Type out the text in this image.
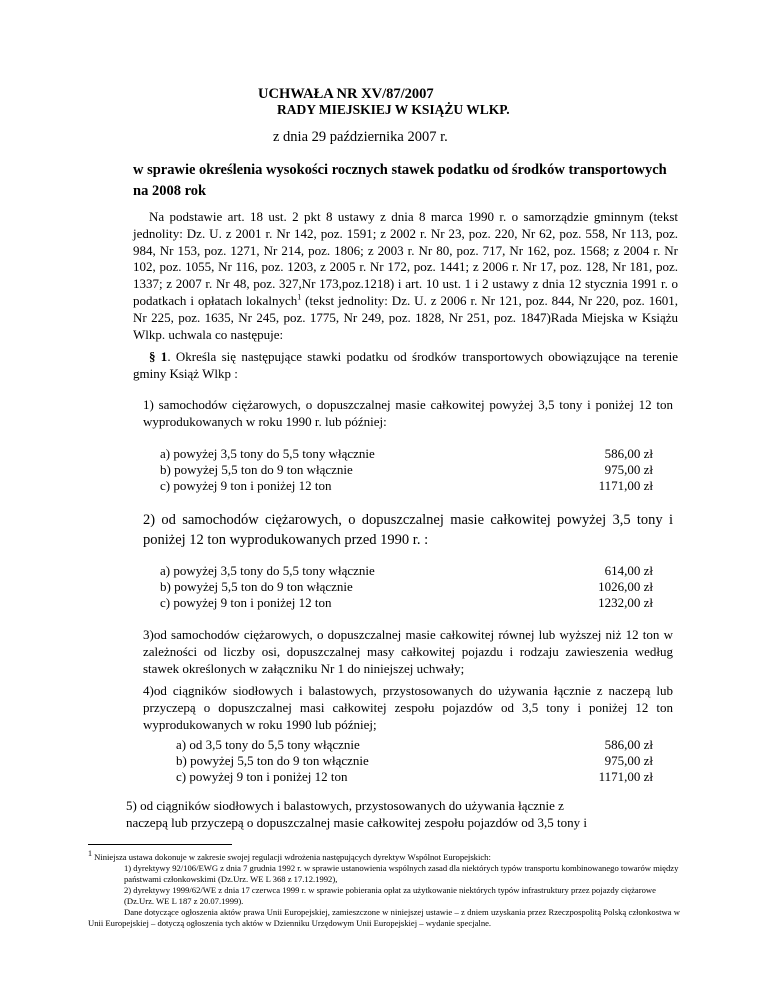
UCHWAŁA NR XV/87/2007
RADY MIEJSKIEJ W KSIĄŻU WLKP.
z dnia 29 października 2007 r.
w sprawie określenia wysokości rocznych stawek podatku od środków transportowych na 2008 rok
Na podstawie art. 18 ust. 2 pkt 8 ustawy z dnia 8 marca 1990 r. o samorządzie gminnym (tekst jednolity: Dz. U. z 2001 r. Nr 142, poz. 1591; z 2002 r. Nr 23, poz. 220, Nr 62, poz. 558, Nr 113, poz. 984, Nr 153, poz. 1271, Nr 214, poz. 1806; z 2003 r. Nr 80, poz. 717, Nr 162, poz. 1568; z 2004 r. Nr 102, poz. 1055, Nr 116, poz. 1203, z 2005 r. Nr 172, poz. 1441; z 2006 r. Nr 17, poz. 128, Nr 181, poz. 1337; z 2007 r. Nr 48, poz. 327,Nr 173,poz.1218) i art. 10 ust. 1 i 2 ustawy z dnia 12 stycznia 1991 r. o podatkach i opłatach lokalnych$^1$ (tekst jednolity: Dz. U. z 2006 r. Nr 121, poz. 844, Nr 220, poz. 1601, Nr 225, poz. 1635, Nr 245, poz. 1775, Nr 249, poz. 1828, Nr 251, poz. 1847)Rada Miejska w Książu Wlkp. uchwala co następuje:
§ 1. Określa się następujące stawki podatku od środków transportowych obowiązujące na terenie gminy Książ Wlkp :
1) samochodów ciężarowych, o dopuszczalnej masie całkowitej powyżej 3,5 tony i poniżej 12 ton wyprodukowanych w roku 1990 r. lub później:
a) powyżej 3,5 tony do 5,5 tony włącznie	586,00 zł
b) powyżej 5,5 ton do 9 ton włącznie	975,00 zł
c) powyżej 9 ton i poniżej 12 ton	1171,00 zł
2) od samochodów ciężarowych, o dopuszczalnej masie całkowitej powyżej 3,5 tony i poniżej 12 ton wyprodukowanych przed 1990 r. :
a) powyżej 3,5 tony do 5,5 tony włącznie	614,00 zł
b) powyżej 5,5 ton do 9 ton włącznie	1026,00 zł
c) powyżej 9 ton i poniżej 12 ton	1232,00 zł
3)od samochodów ciężarowych, o dopuszczalnej masie całkowitej równej lub wyższej niż 12 ton w zależności od liczby osi, dopuszczalnej masy całkowitej pojazdu i rodzaju zawieszenia według stawek określonych w załączniku Nr 1 do niniejszej uchwały;
4)od ciągników siodłowych i balastowych, przystosowanych do używania łącznie z naczepą lub przyczepą o dopuszczalnej masi całkowitej zespołu pojazdów od 3,5 tony i poniżej 12 ton wyprodukowanych w roku 1990 lub później;
a) od 3,5 tony do 5,5 tony włącznie	586,00 zł
b) powyżej 5,5 ton do 9 ton włącznie	975,00 zł
c) powyżej 9 ton i poniżej 12 ton	1171,00 zł
5) od ciągników siodłowych i balastowych, przystosowanych do używania łącznie z
naczepą lub przyczepą o dopuszczalnej masie całkowitej zespołu pojazdów od 3,5 tony i
1 Niniejsza ustawa dokonuje w zakresie swojej regulacji wdrożenia następujących dyrektyw Wspólnot Europejskich:
1) dyrektywy 92/106/EWG z dnia 7 grudnia 1992 r. w sprawie ustanowienia wspólnych zasad dla niektórych typów transportu kombinowanego towarów między państwami członkowskimi (Dz.Urz. WE L 368 z 17.12.1992),
2) dyrektywy 1999/62/WE z dnia 17 czerwca 1999 r. w sprawie pobierania opłat za użytkowanie niektórych typów infrastruktury przez pojazdy ciężarowe (Dz.Urz. WE L 187 z 20.07.1999).
Dane dotyczące ogłoszenia aktów prawa Unii Europejskiej, zamieszczone w niniejszej ustawie – z dniem uzyskania przez Rzeczpospolitą Polską członkostwa w Unii Europejskiej – dotyczą ogłoszenia tych aktów w Dzienniku Urzędowym Unii Europejskiej – wydanie specjalne.
